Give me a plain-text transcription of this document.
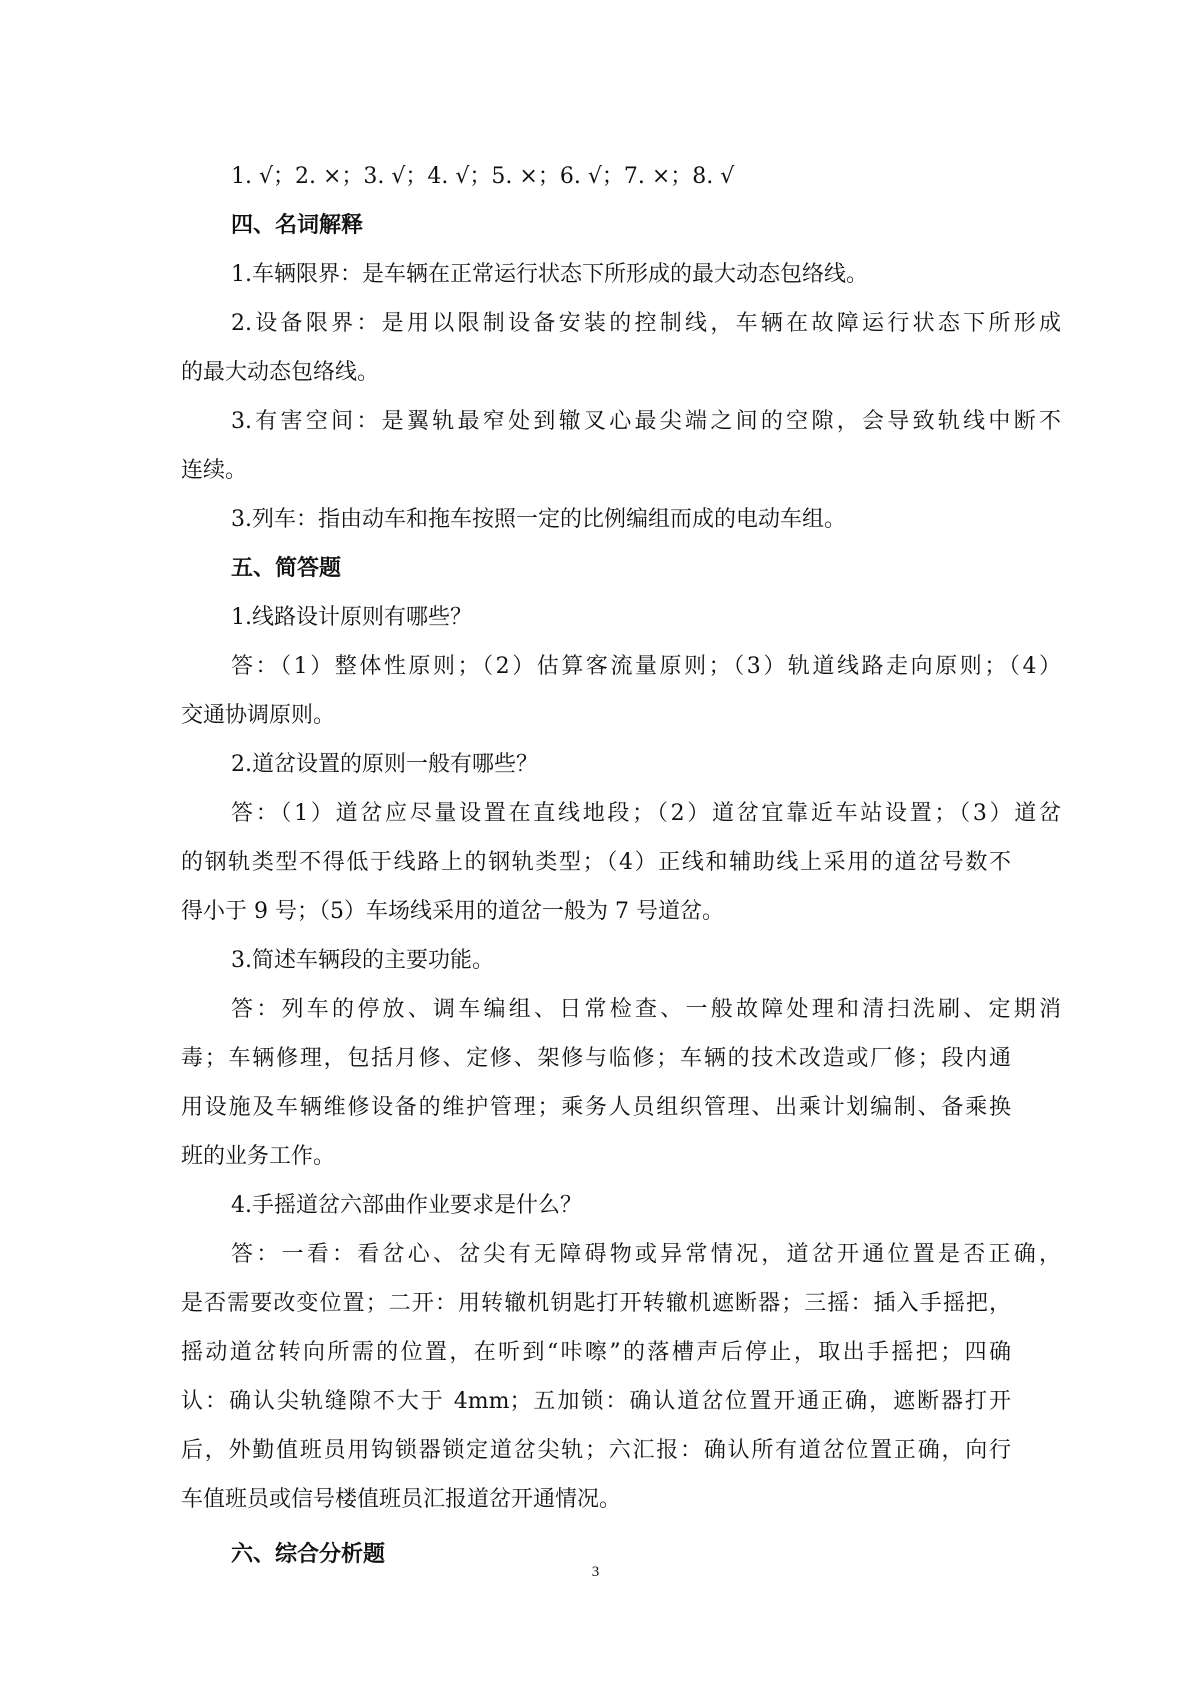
1. √；2. ×；3. √；4. √；5. ×；6. √；7. ×；8. √

四、名词解释

1.车辆限界：是车辆在正常运行状态下所形成的最大动态包络线。

2.设备限界：是用以限制设备安装的控制线，车辆在故障运行状态下所形成

的最大动态包络线。

3.有害空间：是翼轨最窄处到辙叉心最尖端之间的空隙，会导致轨线中断不

连续。

3.列车：指由动车和拖车按照一定的比例编组而成的电动车组。

五、简答题

1.线路设计原则有哪些？

答：（1）整体性原则；（2）估算客流量原则；（3）轨道线路走向原则；（4）

交通协调原则。

2.道岔设置的原则一般有哪些？

答：（1）道岔应尽量设置在直线地段；（2）道岔宜靠近车站设置；（3）道岔

的钢轨类型不得低于线路上的钢轨类型；（4）正线和辅助线上采用的道岔号数不

得小于 9 号；（5）车场线采用的道岔一般为 7 号道岔。

3.简述车辆段的主要功能。

答：列车的停放、调车编组、日常检查、一般故障处理和清扫洗刷、定期消

毒；车辆修理，包括月修、定修、架修与临修；车辆的技术改造或厂修；段内通

用设施及车辆维修设备的维护管理；乘务人员组织管理、出乘计划编制、备乘换

班的业务工作。

4.手摇道岔六部曲作业要求是什么？

答：一看：看岔心、岔尖有无障碍物或异常情况，道岔开通位置是否正确，

是否需要改变位置；二开：用转辙机钥匙打开转辙机遮断器；三摇：插入手摇把，

摇动道岔转向所需的位置，在听到“咔嚓”的落槽声后停止，取出手摇把；四确

认：确认尖轨缝隙不大于 4mm；五加锁：确认道岔位置开通正确，遮断器打开

后，外勤值班员用钩锁器锁定道岔尖轨；六汇报：确认所有道岔位置正确，向行

车值班员或信号楼值班员汇报道岔开通情况。

六、综合分析题

3
